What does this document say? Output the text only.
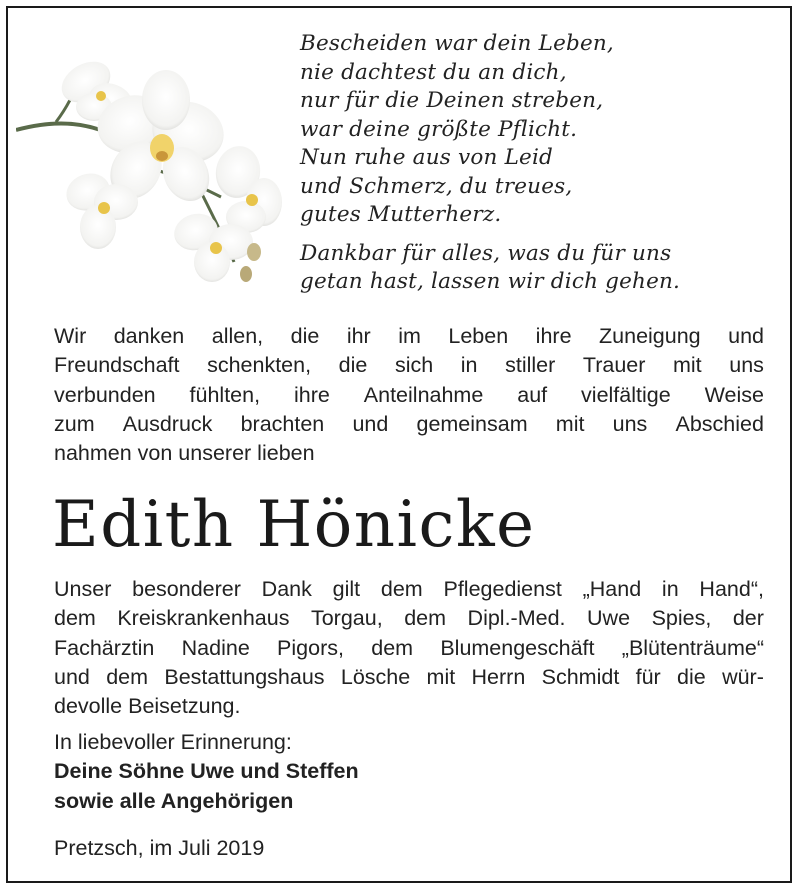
Bescheiden war dein Leben,
nie dachtest du an dich,
nur für die Deinen streben,
war deine größte Pflicht.
Nun ruhe aus von Leid
und Schmerz, du treues,
gutes Mutterherz.
Dankbar für alles, was du für uns
getan hast, lassen wir dich gehen.
Wir danken allen, die ihr im Leben ihre Zuneigung und
Freundschaft schenkten, die sich in stiller Trauer mit uns
verbunden fühlten, ihre Anteilnahme auf vielfältige Weise
zum Ausdruck brachten und gemeinsam mit uns Abschied
nahmen von unserer lieben
Edith Hönicke
Unser besonderer Dank gilt dem Pflegedienst „Hand in Hand“,
dem Kreiskrankenhaus Torgau, dem Dipl.-Med. Uwe Spies, der
Fachärztin Nadine Pigors, dem Blumengeschäft „Blütenträume“
und dem Bestattungshaus Lösche mit Herrn Schmidt für die wür-
devolle Beisetzung.
In liebevoller Erinnerung:
Deine Söhne Uwe und Steffen
sowie alle Angehörigen
Pretzsch, im Juli 2019
